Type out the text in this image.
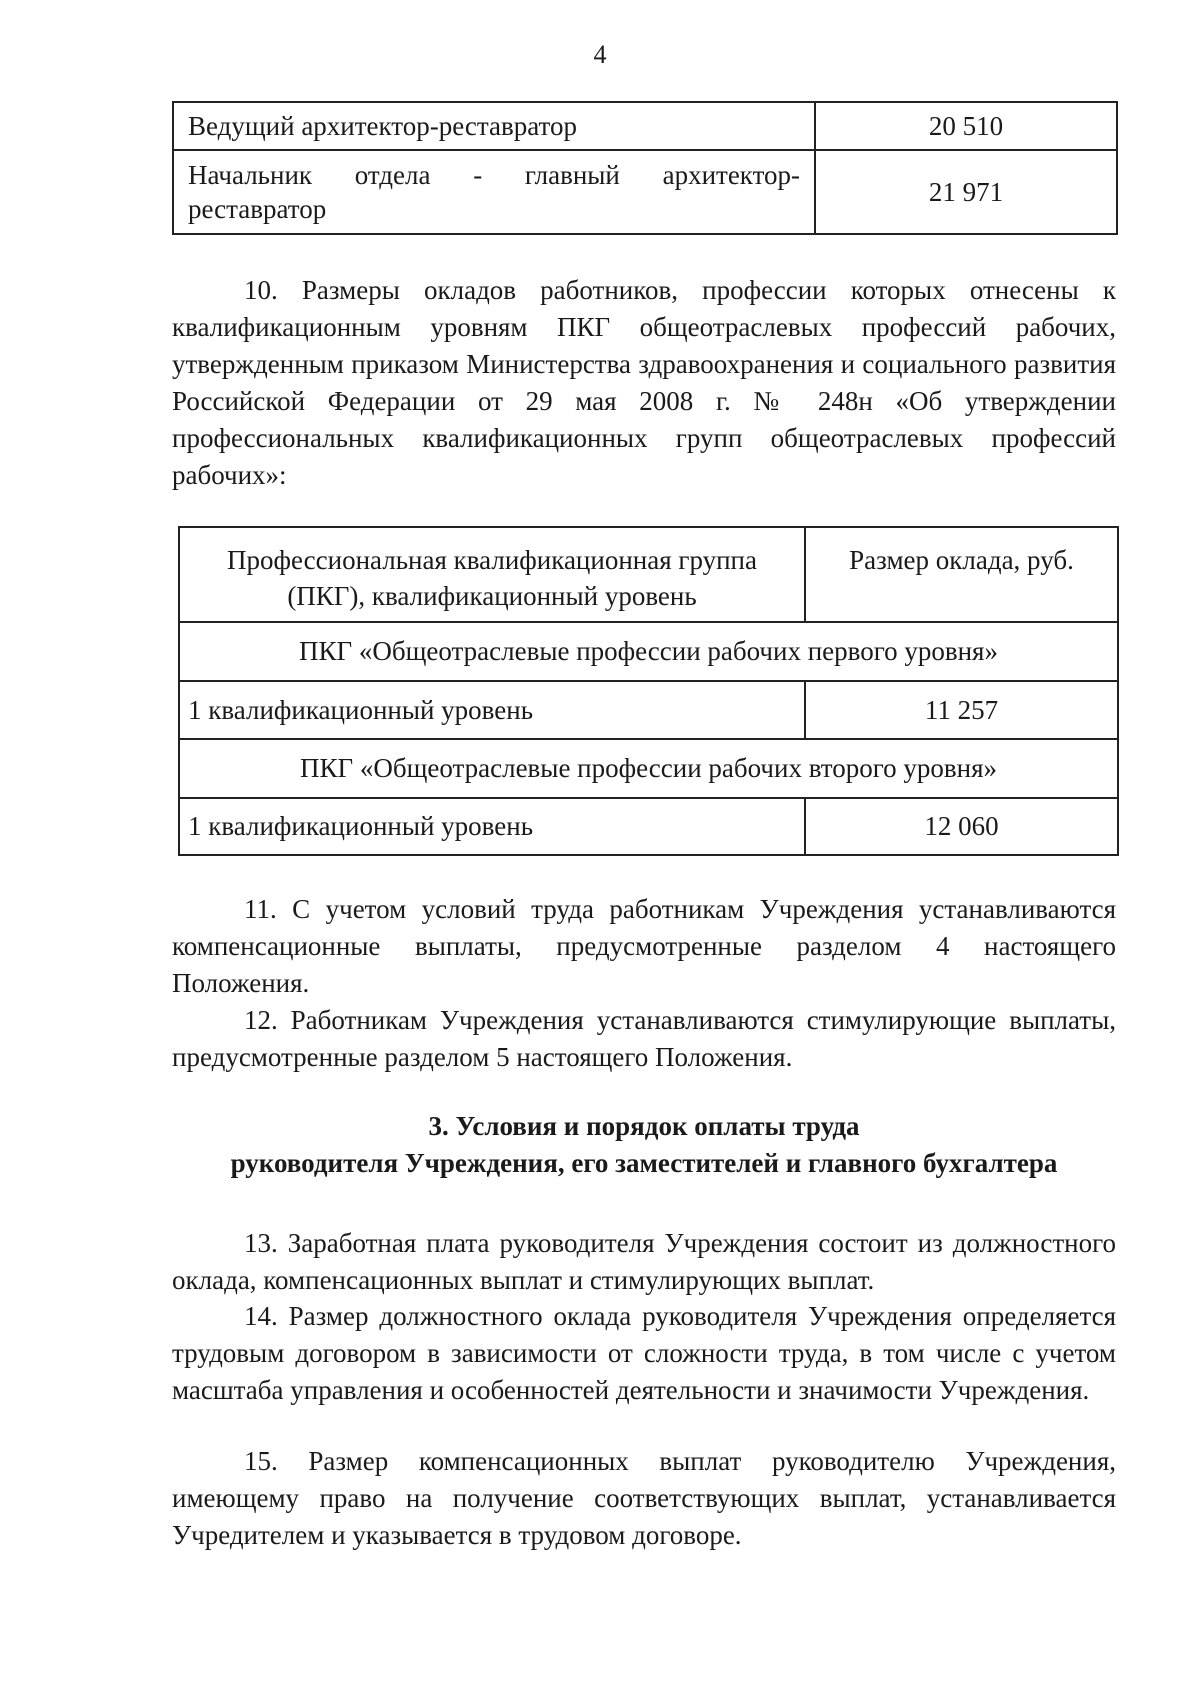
4
Ведущий архитектор-реставратор	20 510

Начальник отдела - главный архитектор-
реставратор	21 971

10. Размеры окладов работников, профессии которых отнесены к квалификационным уровням ПКГ общеотраслевых профессий рабочих, утвержденным приказом Министерства здравоохранения и социального развития Российской Федерации от 29 мая 2008 г. № 248н «Об утверждении профессиональных квалификационных групп общеотраслевых профессий рабочих»:

Профессиональная квалификационная группа
(ПКГ), квалификационный уровень	Размер оклада, руб.
ПКГ «Общеотраслевые профессии рабочих первого уровня»	
1 квалификационный уровень	11 257
ПКГ «Общеотраслевые профессии рабочих второго уровня»	
1 квалификационный уровень	12 060

11. С учетом условий труда работникам Учреждения устанавливаются компенсационные выплаты, предусмотренные разделом 4 настоящего Положения.

12. Работникам Учреждения устанавливаются стимулирующие выплаты, предусмотренные разделом 5 настоящего Положения.

3. Условия и порядок оплаты труда
руководителя Учреждения, его заместителей и главного бухгалтера

13. Заработная плата руководителя Учреждения состоит из должностного оклада, компенсационных выплат и стимулирующих выплат.

14. Размер должностного оклада руководителя Учреждения определяется трудовым договором в зависимости от сложности труда, в том числе с учетом масштаба управления и особенностей деятельности и значимости Учреждения.

15. Размер компенсационных выплат руководителю Учреждения, имеющему право на получение соответствующих выплат, устанавливается Учредителем и указывается в трудовом договоре.
